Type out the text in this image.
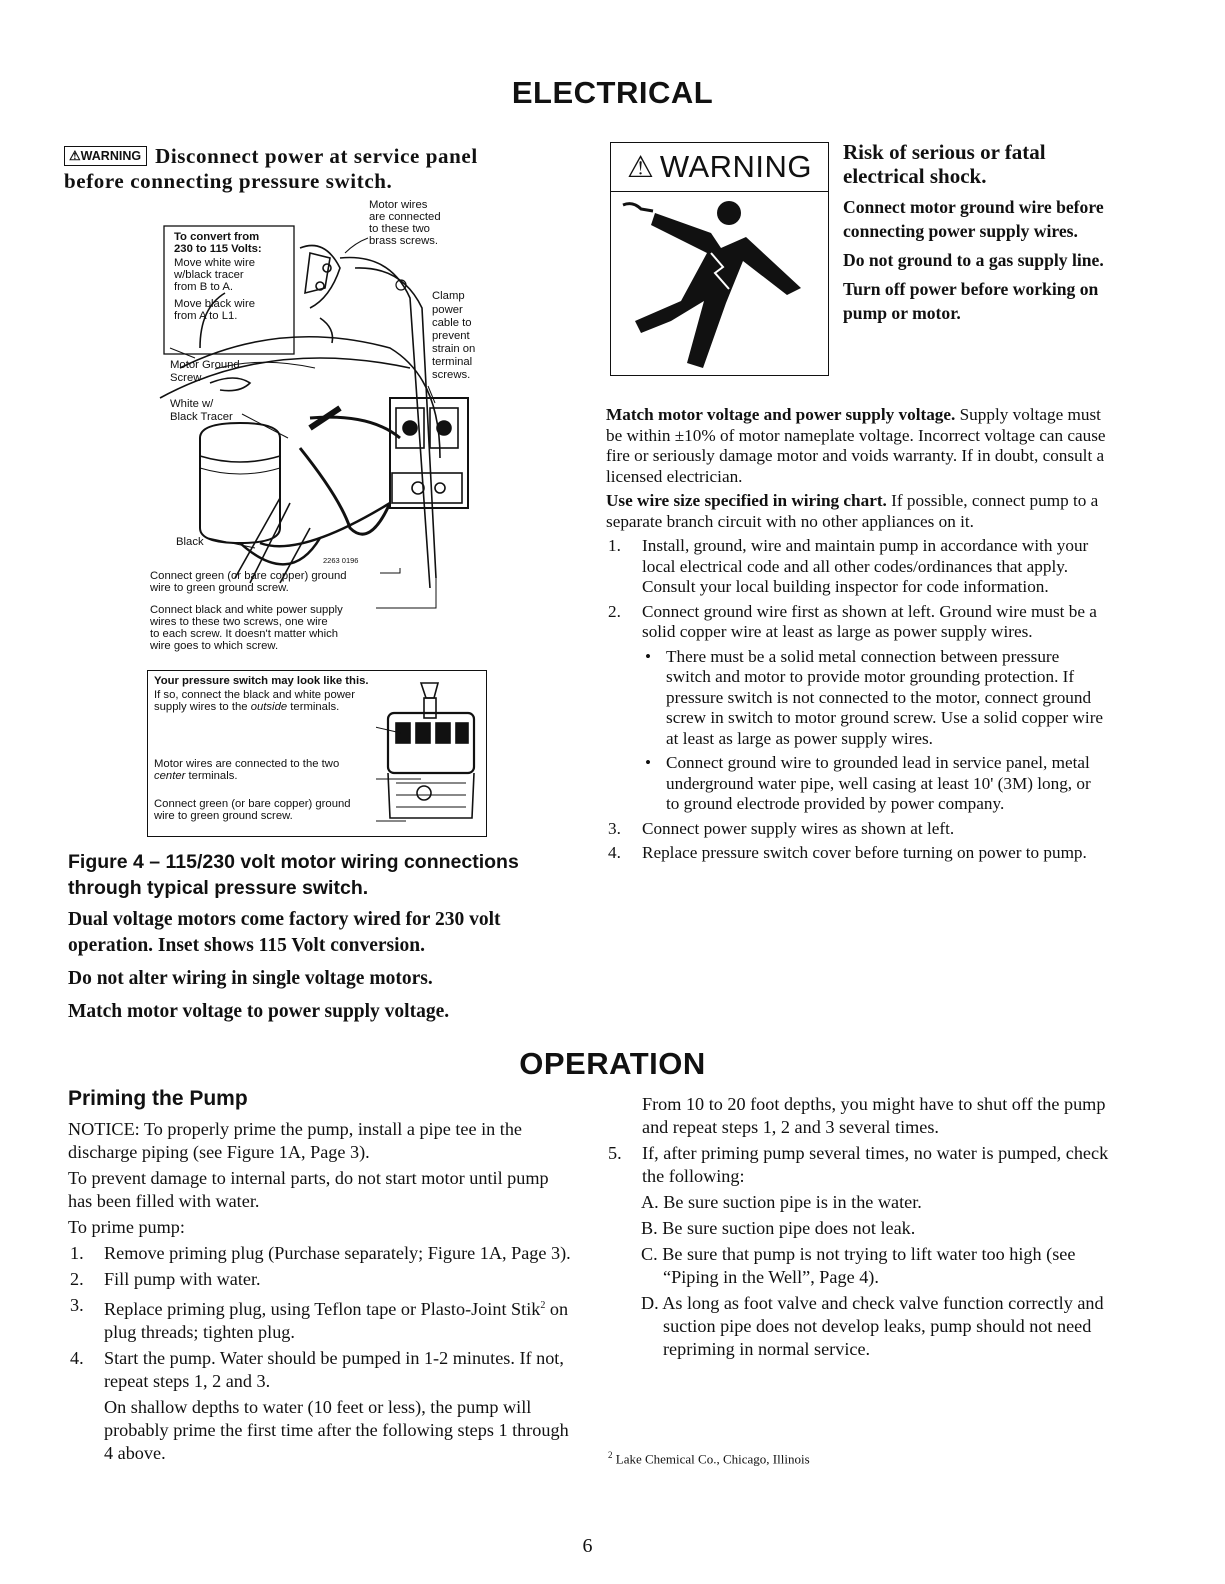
ELECTRICAL
⚠WARNING Disconnect power at service panel
before connecting pressure switch.
To convert from
230 to 115 Volts:
Move white wire
w/black tracer
from B to A.
Move black wire
from A to L1.
Motor wires
are connected
to these two
brass screws.
Clamp
power
cable to
prevent
strain on
terminal
screws.
Motor Ground
Screw
White w/
Black Tracer
Black
2263 0196
Connect green (or bare copper) ground
wire to green ground screw.
Connect black and white power supply
wires to these two screws, one wire
to each screw. It doesn't matter which
wire goes to which screw.
Your pressure switch may look like this.
If so, connect the black and white power
supply wires to the outside terminals.
Motor wires are connected to the two
center terminals.
Connect green (or bare copper) ground
wire to green ground screw.
Figure 4 – 115/230 volt motor wiring connections
through typical pressure switch.

Dual voltage motors come factory wired for 230 volt operation. Inset shows 115 Volt conversion.

Do not alter wiring in single voltage motors.

Match motor voltage to power supply voltage.

⚠ WARNING Risk of serious or fatal electrical shock.
Connect motor ground wire before connecting power supply wires.
Do not ground to a gas supply line.
Turn off power before working on pump or motor.

Match motor voltage and power supply voltage. Supply voltage must be within ±10% of motor nameplate voltage. Incorrect voltage can cause fire or seriously damage motor and voids warranty. If in doubt, consult a licensed electrician.

Use wire size specified in wiring chart. If possible, connect pump to a separate branch circuit with no other appliances on it.

1. Install, ground, wire and maintain pump in accordance with your local electrical code and all other codes/ordinances that apply. Consult your local building inspector for code information.
2. Connect ground wire first as shown at left. Ground wire must be a solid copper wire at least as large as power supply wires.
• There must be a solid metal connection between pressure switch and motor to provide motor grounding protection. If pressure switch is not connected to the motor, connect ground screw in switch to motor ground screw. Use a solid copper wire at least as large as power supply wires.
• Connect ground wire to grounded lead in service panel, metal underground water pipe, well casing at least 10' (3M) long, or to ground electrode provided by power company.
3. Connect power supply wires as shown at left.
4. Replace pressure switch cover before turning on power to pump.
OPERATION
Priming the Pump

NOTICE: To properly prime the pump, install a pipe tee in the discharge piping (see Figure 1A, Page 3).

To prevent damage to internal parts, do not start motor until pump has been filled with water.

To prime pump:

1. Remove priming plug (Purchase separately; Figure 1A, Page 3).
2. Fill pump with water.
3. Replace priming plug, using Teflon tape or Plasto-Joint Stik$^2$ on plug threads; tighten plug.
4. Start the pump. Water should be pumped in 1-2 minutes. If not, repeat steps 1, 2 and 3.
On shallow depths to water (10 feet or less), the pump will probably prime the first time after the following steps 1 through 4 above.

From 10 to 20 foot depths, you might have to shut off the pump and repeat steps 1, 2 and 3 several times.

5. If, after priming pump several times, no water is pumped, check the following:
A. Be sure suction pipe is in the water.
B. Be sure suction pipe does not leak.
C. Be sure that pump is not trying to lift water too high (see “Piping in the Well”, Page 4).
D. As long as foot valve and check valve function correctly and suction pipe does not develop leaks, pump should not need repriming in normal service.
$^2$ Lake Chemical Co., Chicago, Illinois
6
